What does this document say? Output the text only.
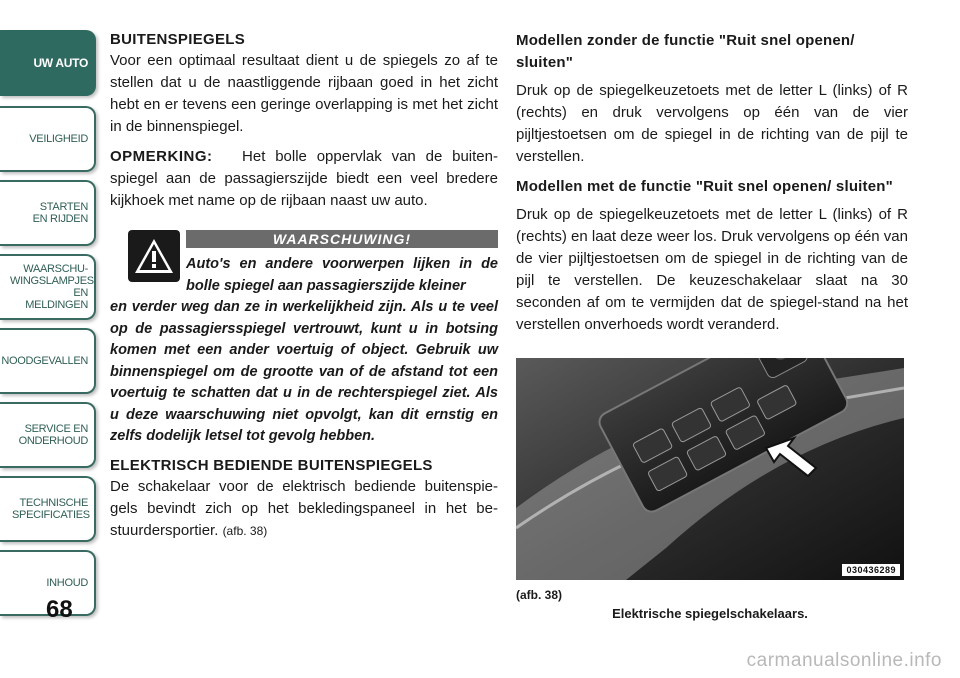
UW AUTO
VEILIGHEID
STARTEN EN RIJDEN
WAARSCHU-WINGSLAMPJES EN MELDINGEN
NOODGEVALLEN
SERVICE EN ONDERHOUD
TECHNISCHE SPECIFICATIES
INHOUD
68
BUITENSPIEGELS

Voor een optimaal resultaat dient u de spiegels zo af te stellen dat u de naastliggende rijbaan goed in het zicht hebt en er tevens een geringe overlapping is met het zicht in de binnenspiegel.

OPMERKING: Het bolle oppervlak van de buiten-spiegel aan de passagierszijde biedt een veel bredere kijkhoek met name op de rijbaan naast uw auto.

WAARSCHUWING!
Auto's en andere voorwerpen lijken in de bolle spiegel aan passagierszijde kleiner
en verder weg dan ze in werkelijkheid zijn. Als u te veel op de passagiersspiegel vertrouwt, kunt u in botsing komen met een ander voertuig of object. Gebruik uw binnenspiegel om de grootte van of de afstand tot een voertuig te schatten dat u in de rechterspiegel ziet. Als u deze waarschuwing niet opvolgt, kan dit ernstig en zelfs dodelijk letsel tot gevolg hebben.
ELEKTRISCH BEDIENDE BUITENSPIEGELS

De schakelaar voor de elektrisch bediende buitenspie-gels bevindt zich op het bekledingspaneel in het be-stuurdersportier. (afb. 38)

Modellen zonder de functie "Ruit snel openen/ sluiten"

Druk op de spiegelkeuzetoets met de letter L (links) of R (rechts) en druk vervolgens op één van de vier pijltjestoetsen om de spiegel in de richting van de pijl te verstellen.

Modellen met de functie "Ruit snel openen/ sluiten"

Druk op de spiegelkeuzetoets met de letter L (links) of R (rechts) en laat deze weer los. Druk vervolgens op één van de vier pijltjestoetsen om de spiegel in de richting van de pijl te verstellen. De keuzeschakelaar slaat na 30 seconden af om te vermijden dat de spiegel-stand na het verstellen onverhoeds wordt veranderd.

030436289
(afb. 38)
Elektrische spiegelschakelaars.
carmanualsonline.info
